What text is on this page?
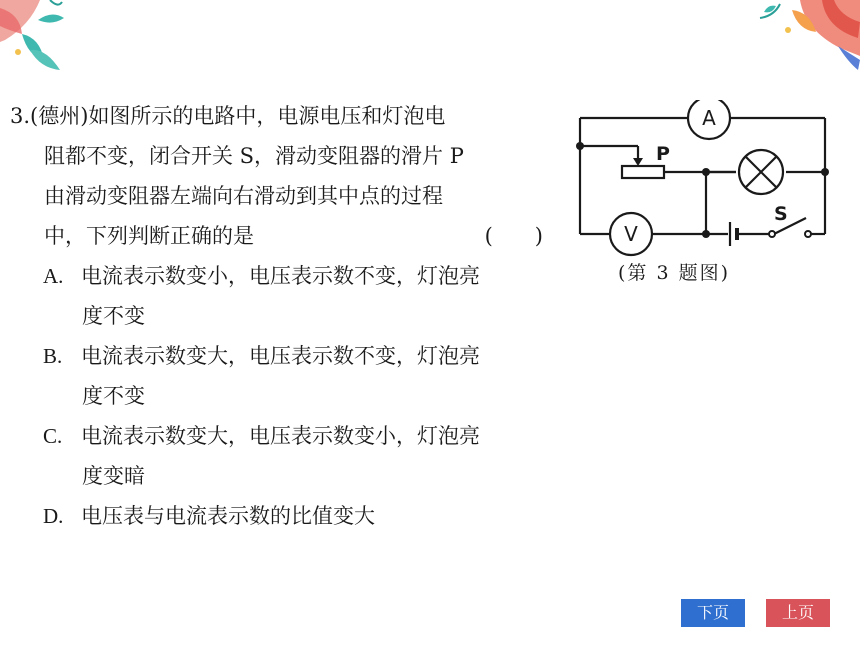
3.(德州)如图所示的电路中，电源电压和灯泡电
阻都不变，闭合开关 S，滑动变阻器的滑片 P
由滑动变阻器左端向右滑动到其中点的过程
中，下列判断正确的是	(　　)
A. 电流表示数变小，电压表示数不变，灯泡亮
度不变
B. 电流表示数变大，电压表示数不变，灯泡亮
度不变
C. 电流表示数变大，电压表示数变小，灯泡亮
度变暗
D. 电压表与电流表示数的比值变大
A
V
P
S
(第 3 题图)
下页	上页
